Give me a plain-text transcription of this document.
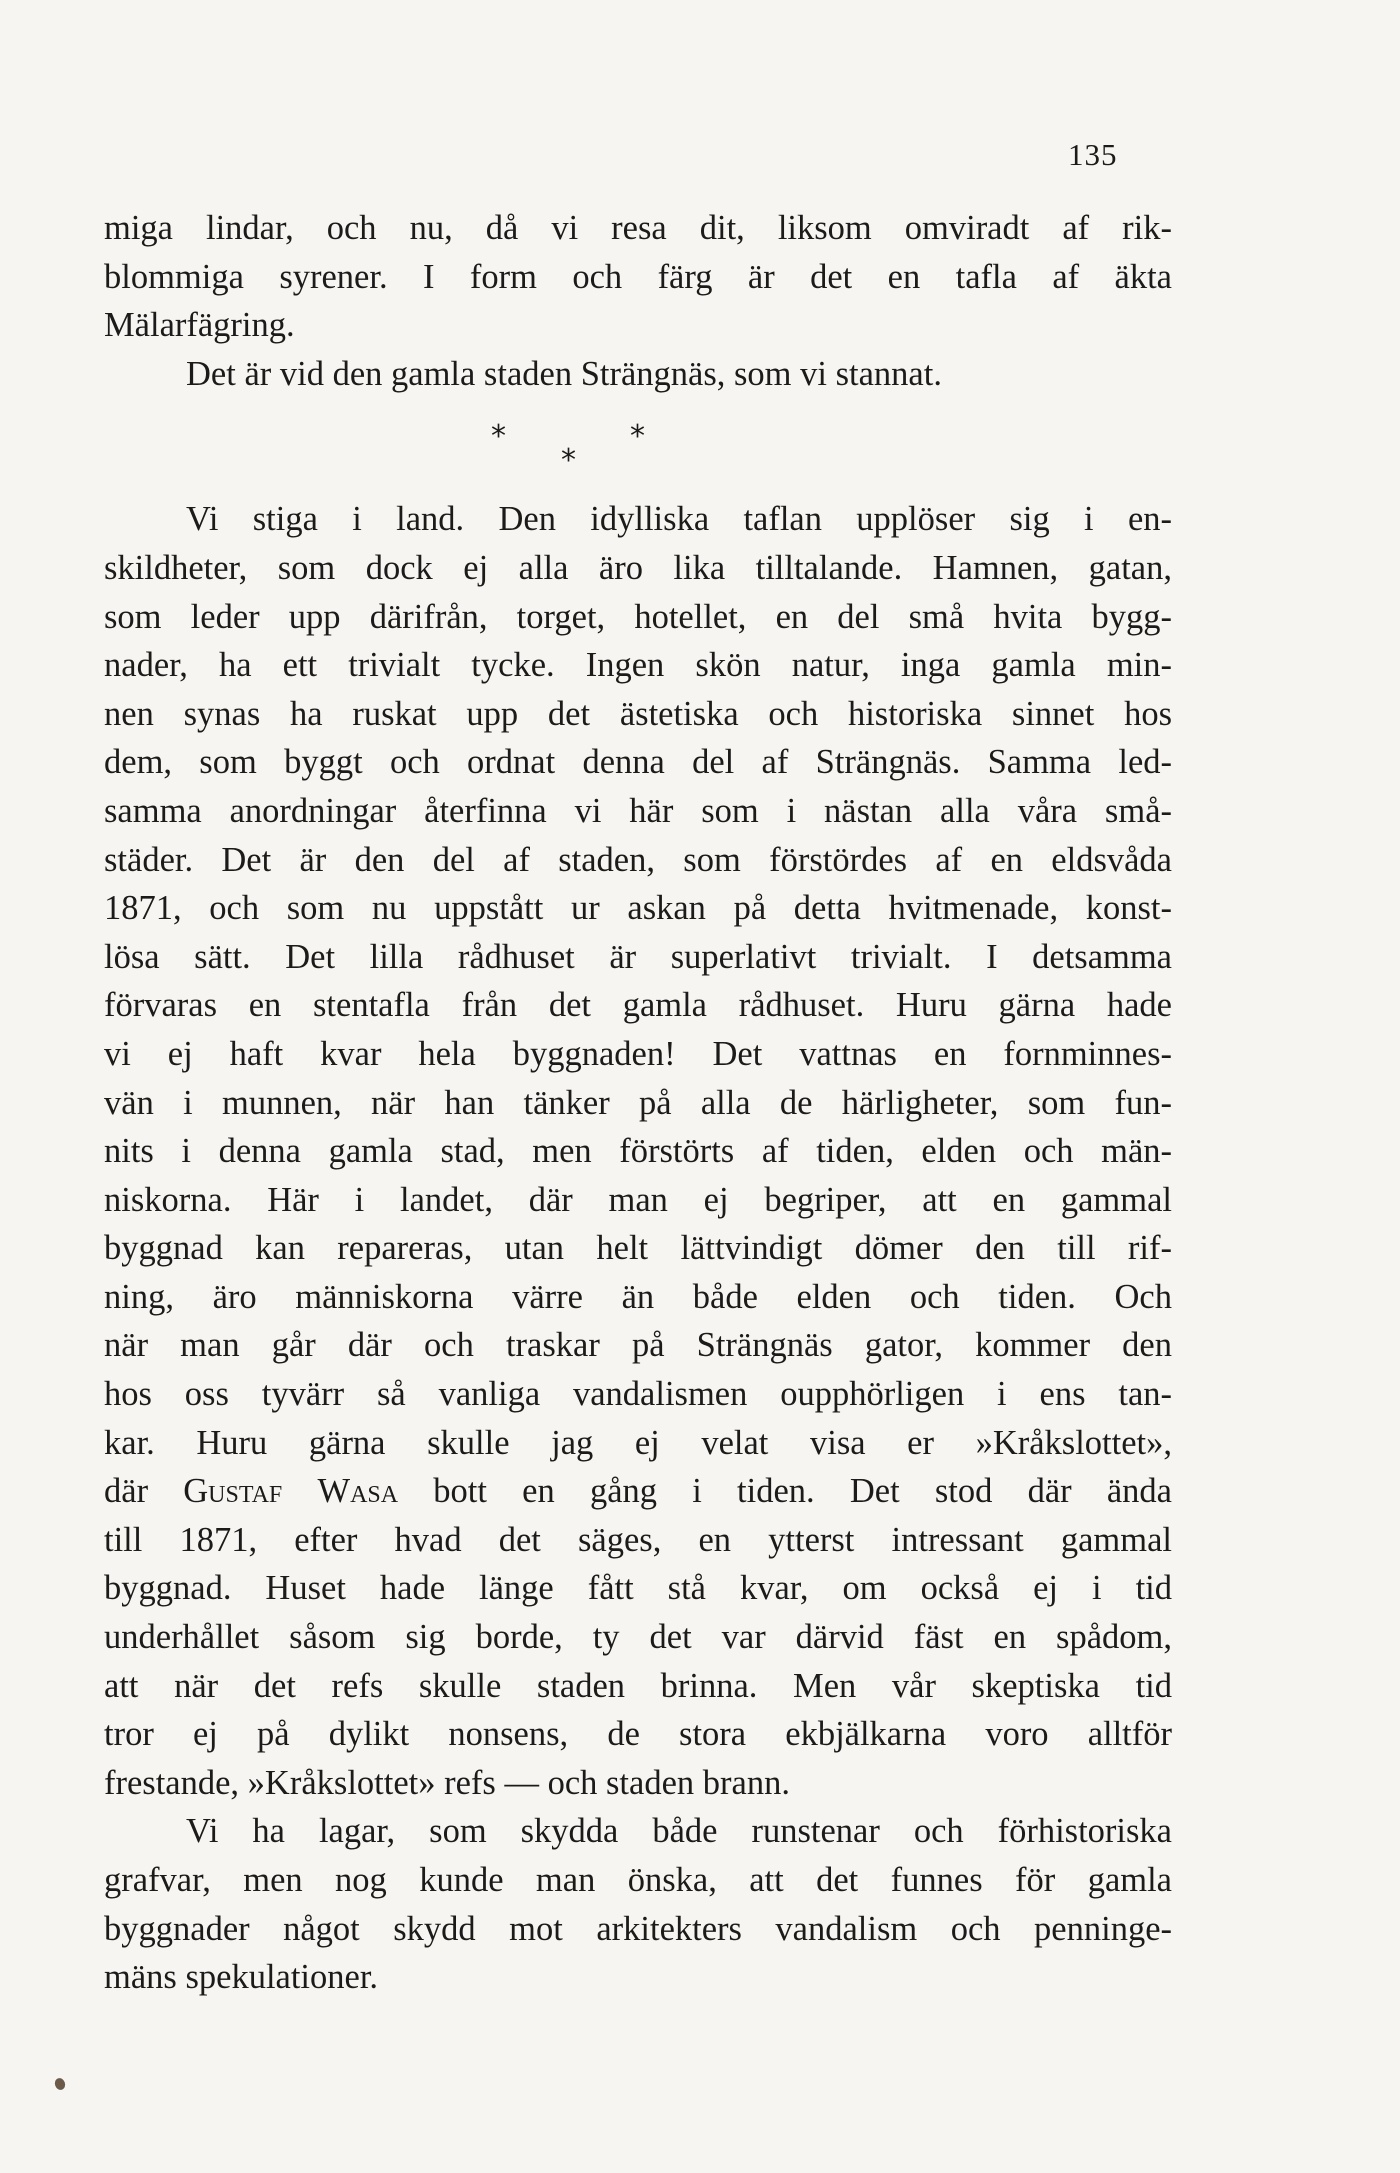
135
miga lindar, och nu, då vi resa dit, liksom omviradt af rik-
blommiga syrener. I form och färg är det en tafla af äkta
Mälarfägring.
Det är vid den gamla staden Strängnäs, som vi stannat.
*	*
*
Vi stiga i land. Den idylliska taflan upplöser sig i en-
skildheter, som dock ej alla äro lika tilltalande. Hamnen, gatan,
som leder upp därifrån, torget, hotellet, en del små hvita bygg-
nader, ha ett trivialt tycke. Ingen skön natur, inga gamla min-
nen synas ha ruskat upp det ästetiska och historiska sinnet hos
dem, som byggt och ordnat denna del af Strängnäs. Samma led-
samma anordningar återfinna vi här som i nästan alla våra små-
städer. Det är den del af staden, som förstördes af en eldsvåda
1871, och som nu uppstått ur askan på detta hvitmenade, konst-
lösa sätt. Det lilla rådhuset är superlativt trivialt. I detsamma
förvaras en stentafla från det gamla rådhuset. Huru gärna hade
vi ej haft kvar hela byggnaden! Det vattnas en fornminnes-
vän i munnen, när han tänker på alla de härligheter, som fun-
nits i denna gamla stad, men förstörts af tiden, elden och män-
niskorna. Här i landet, där man ej begriper, att en gammal
byggnad kan repareras, utan helt lättvindigt dömer den till rif-
ning, äro människorna värre än både elden och tiden. Och
när man går där och traskar på Strängnäs gator, kommer den
hos oss tyvärr så vanliga vandalismen oupphörligen i ens tan-
kar. Huru gärna skulle jag ej velat visa er »Kråkslottet»,
där Gustaf Wasa bott en gång i tiden. Det stod där ända
till 1871, efter hvad det säges, en ytterst intressant gammal
byggnad. Huset hade länge fått stå kvar, om också ej i tid
underhållet såsom sig borde, ty det var därvid fäst en spådom,
att när det refs skulle staden brinna. Men vår skeptiska tid
tror ej på dylikt nonsens, de stora ekbjälkarna voro alltför
frestande, »Kråkslottet» refs — och staden brann.
Vi ha lagar, som skydda både runstenar och förhistoriska
grafvar, men nog kunde man önska, att det funnes för gamla
byggnader något skydd mot arkitekters vandalism och penninge-
mäns spekulationer.
